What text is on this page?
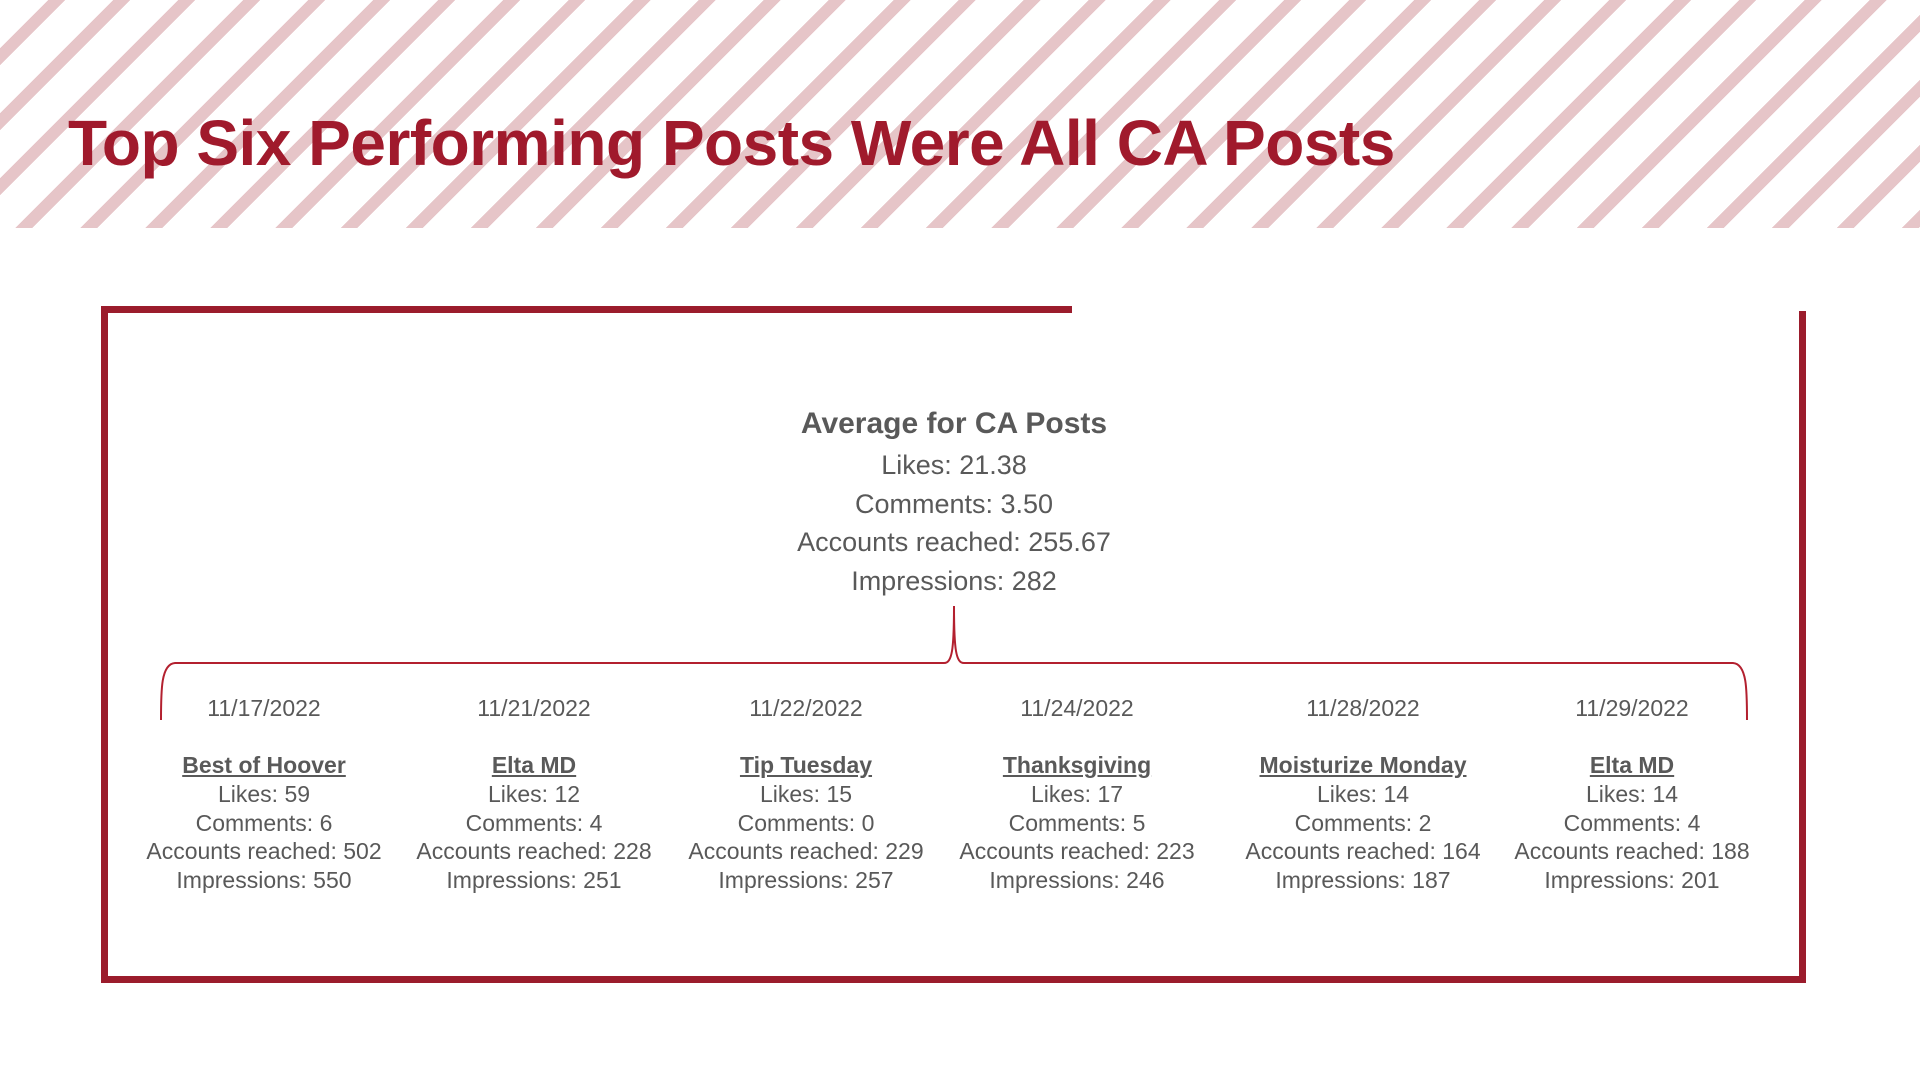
Top Six Performing Posts Were All CA Posts
Average for CA Posts
Likes: 21.38
Comments: 3.50
Accounts reached: 255.67
Impressions: 282
11/17/2022
Best of Hoover
Likes: 59
Comments: 6
Accounts reached: 502
Impressions: 550
11/21/2022
Elta MD
Likes: 12
Comments: 4
Accounts reached: 228
Impressions: 251
11/22/2022
Tip Tuesday
Likes: 15
Comments: 0
Accounts reached: 229
Impressions: 257
11/24/2022
Thanksgiving
Likes: 17
Comments: 5
Accounts reached: 223
Impressions: 246
11/28/2022
Moisturize Monday
Likes: 14
Comments: 2
Accounts reached: 164
Impressions: 187
11/29/2022
Elta MD
Likes: 14
Comments: 4
Accounts reached: 188
Impressions: 201
